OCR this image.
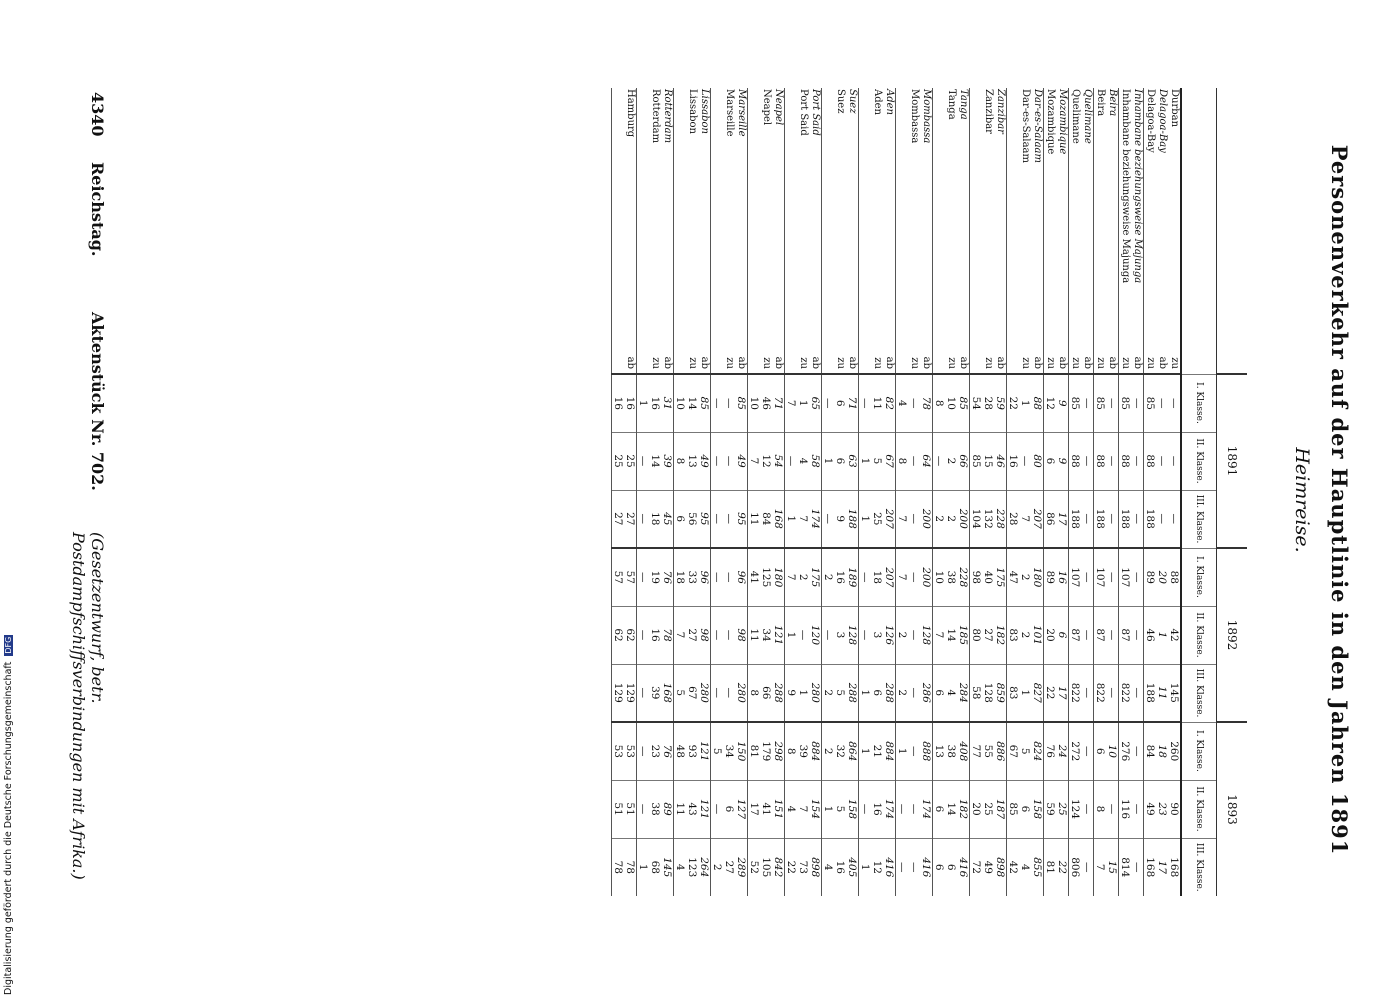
4340
Reichstag.
Aktenstück Nr. 702.
(Gesetzentwurf, betr. Postdampfschiffsverbindungen mit Afrika.)	Personenverkehr auf der Hauptlinie in den Jahren 1891
Heimreise.
		1891			1892			1893		
		I. Klasse.	II. Klasse.	III. Klasse.	I. Klasse.	II. Klasse.	III. Klasse.	I. Klasse.	II. Klasse.	III. Klasse.
Durban	zu	—	—	—	88	42	145	260	90	168
Delagoa-Bay	ab	—	—	—	20	1	11	18	23	17
Delagoa-Bay	zu	85	88	188	89	46	188	84	49	168
Inhambane beziehungsweise Majunga	ab	—	—	—	—	—	—	—	—	—
Inhambane beziehungsweise Majunga	zu	85	88	188	107	87	822	276	116	814
Beira	ab	—	—	—	—	—	—	10	—	15
Beira	zu	85	88	188	107	87	822	6	8	7
Quelimane	ab	—	—	—	—	—	—	—	—	—
Quelimane	zu	85	88	188	107	87	822	272	124	806
Mozambique	ab	9	9	17	16	6	17	24	25	22
Mozambique	zu	12	6	86	89	20	22	76	59	81
Dar-es-Salaam	ab	88	80	207	180	101	827	824	158	855
Dar-es-Salaam	zu	1	—	7	2	2	1	5	6	4
		22	16	28	47	83	83	67	85	42
Zanzibar	ab	59	46	228	175	182	859	886	187	898
Zanzibar	zu	28	15	132	40	27	128	55	25	49
		54	85	104	98	80	58	77	20	72
Tanga	ab	85	66	200	228	185	284	408	182	416
Tanga	zu	10	2	2	38	14	4	38	14	6
		8	—	2	10	7	6	13	6	6
Mombassa	ab	78	64	200	200	128	286	888	174	416
Mombassa	zu	—	—	—	—	—	—	—	—	—
		4	8	7	7	2	2	1	—	—
Aden	ab	82	67	207	207	126	288	884	174	416
Aden	zu	11	5	25	18	3	6	21	16	12
		—	1	1	—	—	1	1	—	1
Suez	ab	71	63	188	189	128	288	864	158	405
Suez	zu	6	6	9	16	3	5	32	5	16
		—	1	—	2	—	2	2	1	4
Port Said	ab	65	58	174	175	120	280	884	154	898
Port Said	zu	1	4	7	2	—	1	39	7	73
		7	—	1	7	1	9	8	4	22
Neapel	ab	71	54	168	180	121	288	298	151	842
Neapel	zu	46	12	84	125	34	66	179	41	105
		10	7	11	41	11	8	81	17	52
Marseille	ab	85	49	95	96	98	280	150	127	289
Marseille	zu	—	—	—	—	—	—	34	6	27
		—	—	—	—	—	—	5	—	2
Lissabon	ab	85	49	95	96	98	280	121	121	264
Lissabon	zu	14	13	56	33	27	67	93	43	123
		10	8	6	18	7	5	48	11	4
Rotterdam	ab	31	39	45	76	78	168	76	89	145
Rotterdam	zu	16	14	18	19	16	39	23	38	68
		1	—	—	—	—	—	—	—	1
Hamburg	ab	16	25	27	57	62	129	53	51	78
		16	25	27	57	62	129	53	51	78
Digitalisierung gefördert durch die Deutsche Forschungsgemeinschaft DFG
